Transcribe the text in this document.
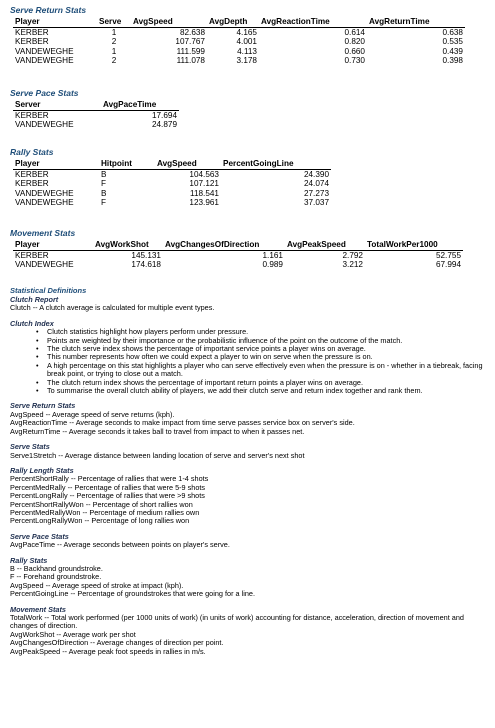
Serve Return Stats
Player	Serve	AvgSpeed	AvgDepth	AvgReactionTime	AvgReturnTime
KERBER	1	82.638	4.165	0.614	0.638
KERBER	2	107.767	4.001	0.820	0.535
VANDEWEGHE	1	111.599	4.113	0.660	0.439
VANDEWEGHE	2	111.078	3.178	0.730	0.398
Serve Pace Stats
Server	AvgPaceTime
KERBER	17.694
VANDEWEGHE	24.879
Rally Stats
Player	Hitpoint	AvgSpeed	PercentGoingLine
KERBER	B	104.563	24.390
KERBER	F	107.121	24.074
VANDEWEGHE	B	118.541	27.273
VANDEWEGHE	F	123.961	37.037
Movement Stats
Player	AvgWorkShot	AvgChangesOfDirection	AvgPeakSpeed	TotalWorkPer1000
KERBER	145.131	1.161	2.792	52.755
VANDEWEGHE	174.618	0.989	3.212	67.994
Statistical Definitions
Clutch Report
Clutch -- A clutch average is calculated for multiple event types.
Clutch Index
• Clutch statistics highlight how players perform under pressure.
• Points are weighted by their importance or the probabilistic influence of the point on the outcome of the match.
• The clutch serve index shows the percentage of important service points a player wins on average.
• This number represents how often we could expect a player to win on serve when the pressure is on.
• A high percentage on this stat highlights a player who can serve effectively even when the pressure is on - whether in a tiebreak, facing break point, or trying to close out a match.
• The clutch return index shows the percentage of important return points a player wins on average.
• To summarise the overall clutch ability of players, we add their clutch serve and return index together and rank them.
Serve Return Stats
AvgSpeed -- Average speed of serve returns (kph).
AvgReactionTime -- Average seconds to make impact from time serve passes service box on server's side.
AvgReturnTime -- Average seconds it takes ball to travel from impact to when it passes net.
Serve Stats
Serve1Stretch -- Average distance between landing location of serve and server's next shot
Rally Length Stats
PercentShortRally -- Percentage of rallies that were 1-4 shots
PercentMedRally -- Percentage of rallies that were 5-9 shots
PercentLongRally -- Percentage of rallies that were >9 shots
PercentShortRallyWon -- Percentage of short rallies won
PercentMedRallyWon -- Percentage of medium rallies own
PercentLongRallyWon -- Percentage of long rallies won
Serve Pace Stats
AvgPaceTime -- Average seconds between points on player's serve.
Rally Stats
B -- Backhand groundstroke.
F -- Forehand groundstroke.
AvgSpeed -- Average speed of stroke at impact (kph).
PercentGoingLine -- Percentage of groundstrokes that were going for a line.
Movement Stats
TotalWork -- Total work performed (per 1000 units of work) (in units of work) accounting for distance, acceleration, direction of movement and changes of direction.
AvgWorkShot -- Average work per shot
AvgChangesOfDirection -- Average changes of direction per point.
AvgPeakSpeed -- Average peak foot speeds in rallies in m/s.
